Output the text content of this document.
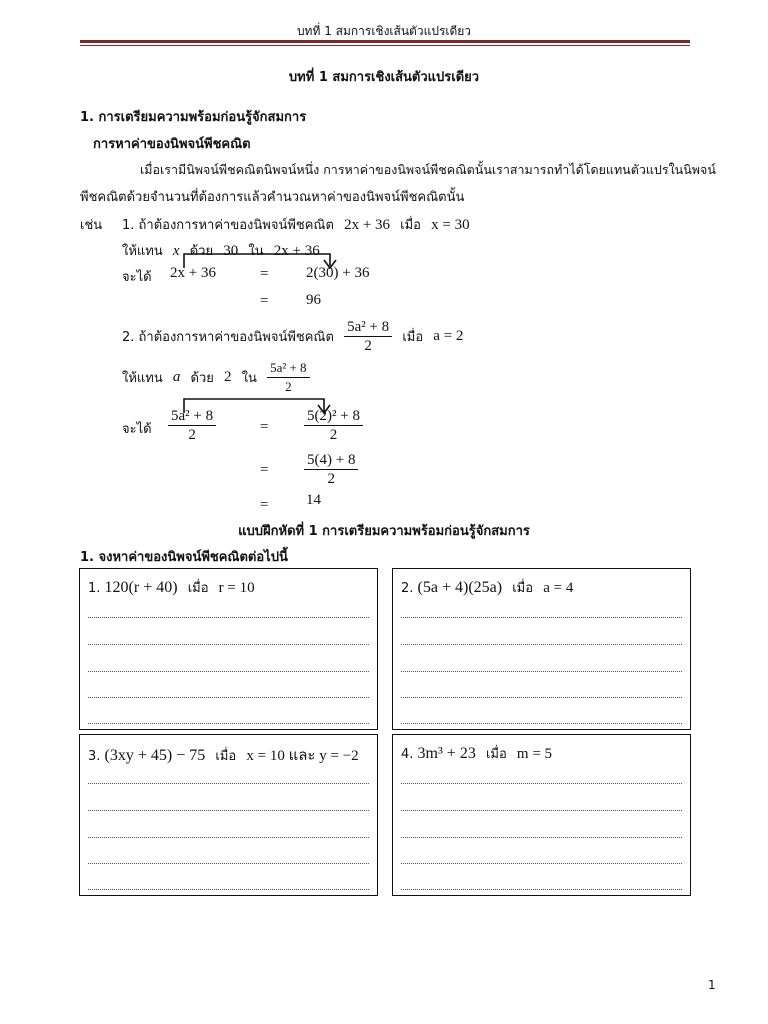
บทที่ 1 สมการเชิงเส้นตัวแปรเดียว
บทที่ 1 สมการเชิงเส้นตัวแปรเดียว
1. การเตรียมความพร้อมก่อนรู้จักสมการ
การหาค่าของนิพจน์พีชคณิต
เมื่อเรามีนิพจน์พีชคณิตนิพจน์หนึ่ง การหาค่าของนิพจน์พีชคณิตนั้นเราสามารถทำได้โดยแทนตัวแปรในนิพจน์
พีชคณิตด้วยจำนวนที่ต้องการแล้วคำนวณหาค่าของนิพจน์พีชคณิตนั้น
เช่น 1. ถ้าต้องการหาค่าของนิพจน์พีชคณิต 2x + 36 เมื่อ x = 30
ให้แทน x ด้วย 30 ใน 2x + 36
จะได้ 2x + 36	=	2(30) + 36
=	96
2. ถ้าต้องการหาค่าของนิพจน์พีชคณิต $\frac{\text{5a² + 8}}{2}$ เมื่อ a = 2
ให้แทน a ด้วย 2 ใน $\frac{\text{5a² + 8}}{2}$
จะได้ $\frac{\text{5a² + 8}}{2}$	= $\frac{\text{5(2)² + 8}}{2}$
= $\frac{5(4) + 8}{2}$
=	14
แบบฝึกหัดที่ 1 การเตรียมความพร้อมก่อนรู้จักสมการ
1. จงหาค่าของนิพจน์พีชคณิตต่อไปนี้
1. 120(r + 40) เมื่อ r = 10	2. (5a + 4)(25a) เมื่อ a = 4
3. (3xy + 45) − 75 เมื่อ x = 10 และ y = −2	4. 3m³ + 23 เมื่อ m = 5
1
